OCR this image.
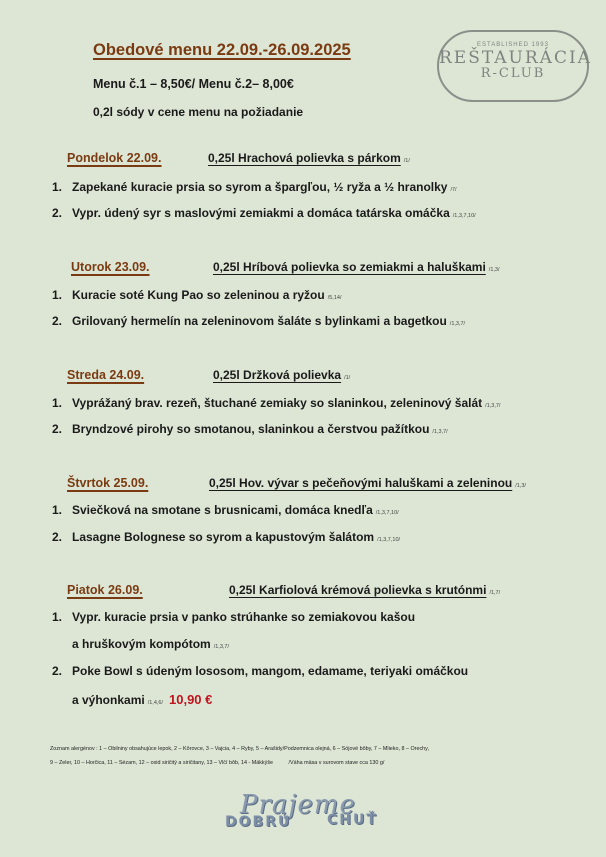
Obedové menu 22.09.-26.09.2025
Menu č.1 – 8,50€/ Menu č.2– 8,00€
0,2l sódy v cene menu na požiadanie
ESTABLISHED 1993
REŠTAURÁCIA
R-CLUB
Pondelok 22.09.	0,25l Hrachová polievka s párkom /1/
1. Zapekané kuracie prsia so syrom a špargľou, ½ ryža a ½ hranolky /7/
2. Vypr. údený syr s maslovými zemiakmi a domáca tatárska omáčka /1,3,7,10/
Utorok 23.09.	0,25l Hríbová polievka so zemiakmi a haluškami /1,3/
1. Kuracie soté Kung Pao so zeleninou a ryžou /5,14/
2. Grilovaný hermelín na zeleninovom šaláte s bylinkami a bagetkou /1,3,7/
Streda 24.09.	0,25l Držková polievka /1/
1. Vyprážaný brav. rezeň, štuchané zemiaky so slaninkou, zeleninový šalát /1,3,7/
2. Bryndzové pirohy so smotanou, slaninkou a čerstvou pažítkou /1,3,7/
Štvrtok 25.09.	0,25l Hov. vývar s pečeňovými haluškami a zeleninou /1,3/
1. Sviečková na smotane s brusnicami, domáca knedľa /1,3,7,10/
2. Lasagne Bolognese so syrom a kapustovým šalátom /1,3,7,10/
Piatok 26.09.	0,25l Karfiolová krémová polievka s krutónmi /1,7/
1. Vypr. kuracie prsia v panko strúhanke so zemiakovou kašou
a hruškovým kompótom /1,3,7/
2. Poke Bowl s údeným lososom, mangom, edamame, teriyaki omáčkou
a výhonkami /1,4,6/ 10,90 €
Zoznam alergénov : 1 – Obilniny obsahujúce lepok, 2 – Kôrovce, 3 – Vajcia, 4 – Ryby, 5 – Arašidy/Podzemnica olejná, 6 – Sójové bôby, 7 – Mlieko, 8 – Orechy,
9 – Zeler, 10 – Horčica, 11 – Sézam, 12 – oxid siričitý a siričitany, 13 – Vlčí bôb, 14 - Mäkkýše	/Váha mäsa v surovom stave cca 130 g/
Prajeme
DOBRÚ	CHUŤ
